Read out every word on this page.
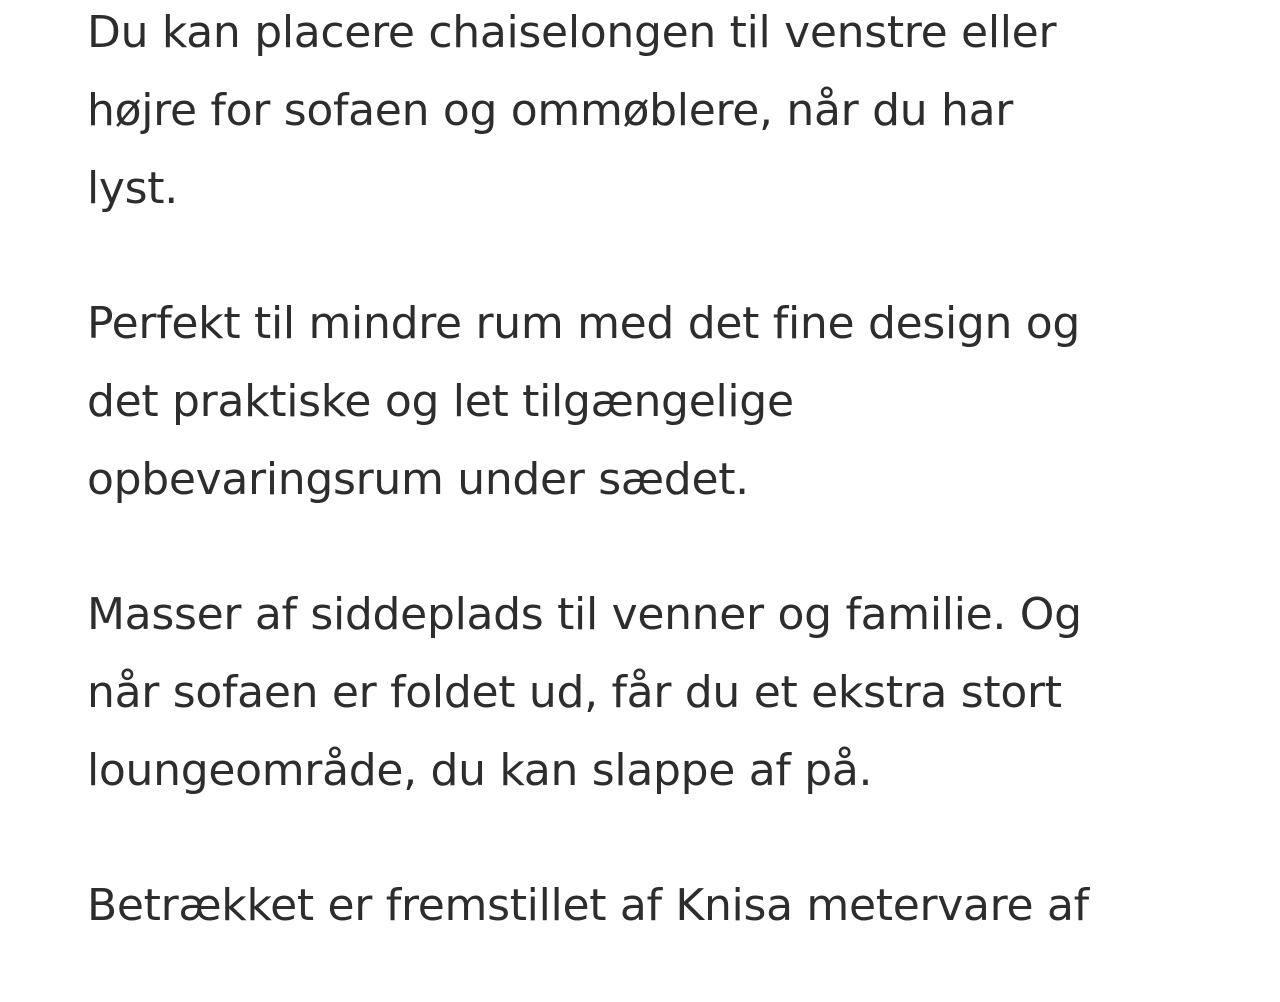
Du kan placere chaiselongen til venstre eller
højre for sofaen og ommøblere, når du har
lyst.

Perfekt til mindre rum med det fine design og
det praktiske og let tilgængelige
opbevaringsrum under sædet.

Masser af siddeplads til venner og familie. Og
når sofaen er foldet ud, får du et ekstra stort
loungeområde, du kan slappe af på.

Betrækket er fremstillet af Knisa metervare af
